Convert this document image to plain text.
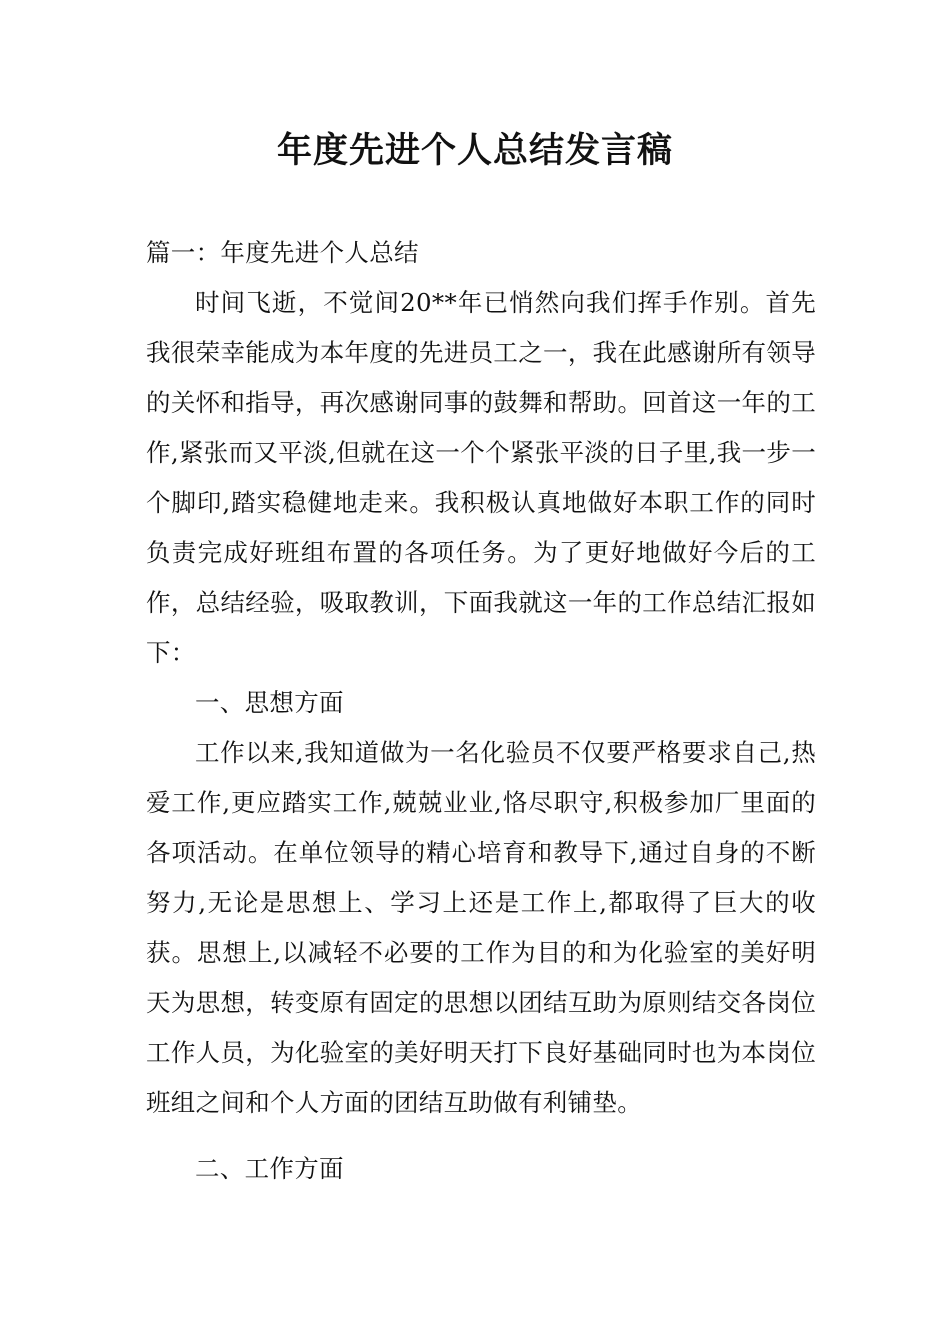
年度先进个人总结发言稿

篇一：年度先进个人总结

时间飞逝，不觉间20**年已悄然向我们挥手作别。首先我很荣幸能成为本年度的先进员工之一，我在此感谢所有领导的关怀和指导，再次感谢同事的鼓舞和帮助。回首这一年的工作,紧张而又平淡,但就在这一个个紧张平淡的日子里,我一步一个脚印,踏实稳健地走来。我积极认真地做好本职工作的同时负责完成好班组布置的各项任务。为了更好地做好今后的工作，总结经验，吸取教训，下面我就这一年的工作总结汇报如下：

一、思想方面

工作以来,我知道做为一名化验员不仅要严格要求自己,热爱工作,更应踏实工作,兢兢业业,恪尽职守,积极参加厂里面的各项活动。在单位领导的精心培育和教导下,通过自身的不断努力,无论是思想上、学习上还是工作上,都取得了巨大的收获。思想上,以减轻不必要的工作为目的和为化验室的美好明天为思想，转变原有固定的思想以团结互助为原则结交各岗位工作人员，为化验室的美好明天打下良好基础同时也为本岗位班组之间和个人方面的团结互助做有利铺垫。

二、工作方面
